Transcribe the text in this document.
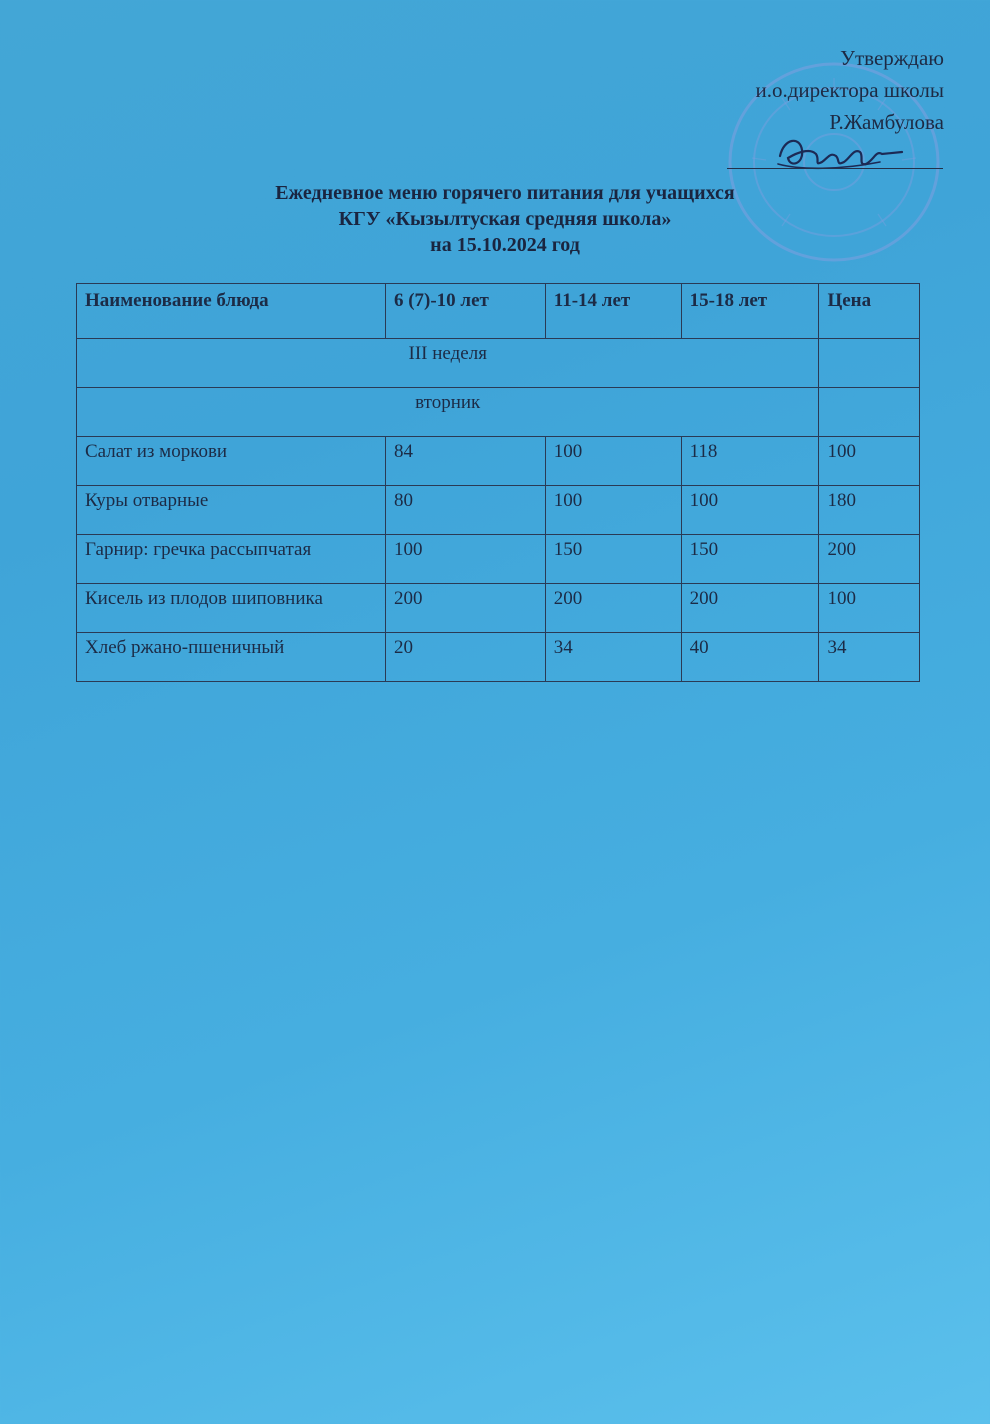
Утверждаю
и.о.директора школы
Р.Жамбулова
Ежедневное меню горячего питания для учащихся
КГУ «Кызылтуская средняя школа»
на 15.10.2024 год
Наименование блюда	6 (7)-10 лет	11-14 лет	15-18 лет	Цена
III неделя				
вторник				
Салат из моркови	84	100	118	100
Куры отварные	80	100	100	180
Гарнир: гречка рассыпчатая	100	150	150	200
Кисель из плодов шиповника	200	200	200	100
Хлеб ржано-пшеничный	20	34	40	34
